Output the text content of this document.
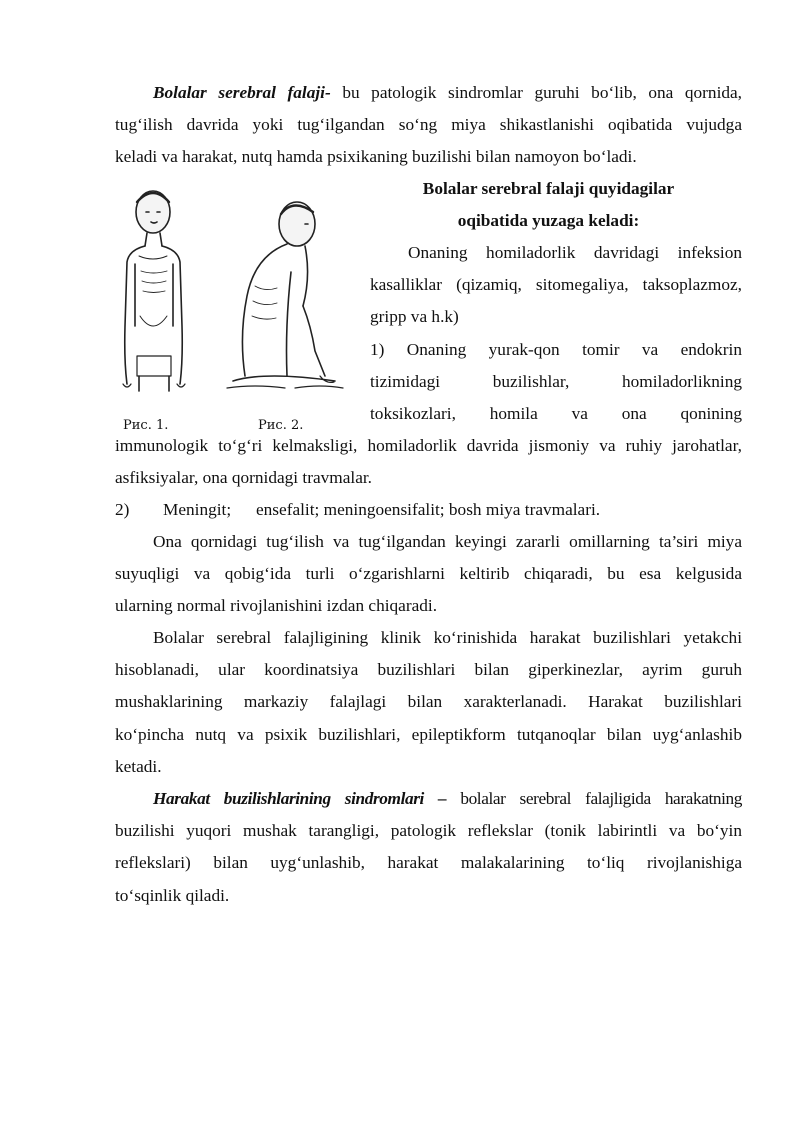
Bolalar serebral falaji- bu patologik sindromlar guruhi bo‘lib, ona qornida,
tug‘ilish davrida yoki tug‘ilgandan so‘ng miya shikastlanishi oqibatida vujudga
keladi va harakat, nutq hamda psixikaning buzilishi bilan namoyon bo‘ladi.
Bolalar serebral falaji quyidagilar
oqibatida yuzaga keladi:
Рис. 1.	Рис. 2.
Onaning homiladorlik davridagi infeksion
kasalliklar (qizamiq, sitomegaliya, taksoplazmoz,
gripp va h.k)
1) Onaning yurak-qon tomir va endokrin
tizimidagi buzilishlar, homiladorlikning
toksikozlari, homila va ona qonining
immunologik to‘g‘ri kelmaksligi, homiladorlik davrida jismoniy va ruhiy jarohatlar,
asfiksiyalar, ona qornidagi travmalar.
2) Meningit; ensefalit; meningoensifalit; bosh miya travmalari.
Ona qornidagi tug‘ilish va tug‘ilgandan keyingi zararli omillarning ta’siri miya
suyuqligi va qobig‘ida turli o‘zgarishlarni keltirib chiqaradi, bu esa kelgusida
ularning normal rivojlanishini izdan chiqaradi.
Bolalar serebral falajligining klinik ko‘rinishida harakat buzilishlari yetakchi
hisoblanadi, ular koordinatsiya buzilishlari bilan giperkinezlar, ayrim guruh
mushaklarining markaziy falajlagi bilan xarakterlanadi. Harakat buzilishlari
ko‘pincha nutq va psixik buzilishlari, epileptikform tutqanoqlar bilan uyg‘anlashib
ketadi.
Harakat buzilishlarining sindromlari – bolalar serebral falajligida harakatning
buzilishi yuqori mushak tarangligi, patologik reflekslar (tonik labirintli va bo‘yin
reflekslari) bilan uyg‘unlashib, harakat malakalarining to‘liq rivojlanishiga
to‘sqinlik qiladi.
